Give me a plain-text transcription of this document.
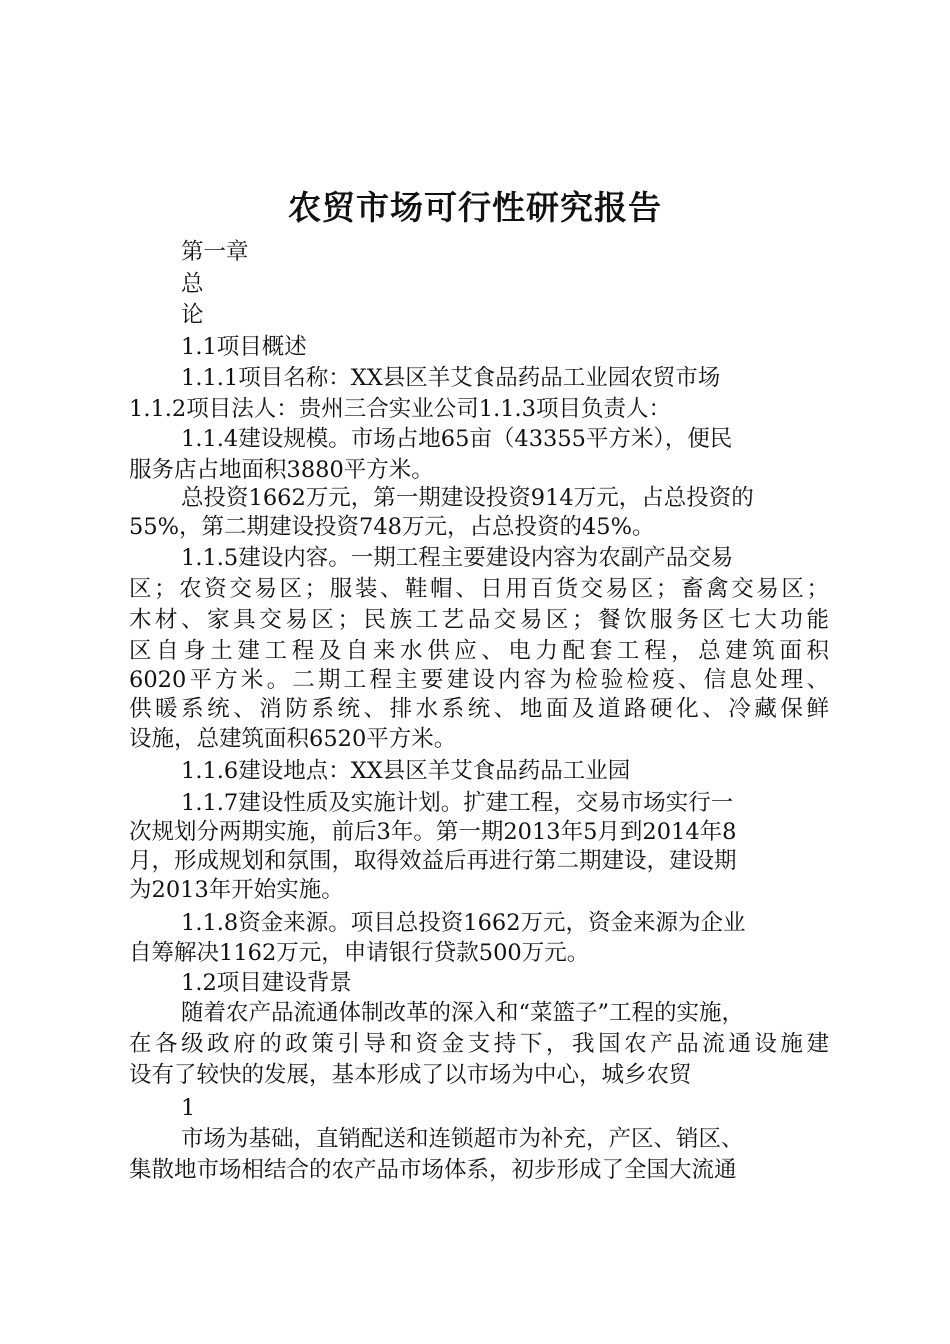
农贸市场可行性研究报告
第一章
总
论
1.1项目概述
1.1.1项目名称：XX县区羊艾食品药品工业园农贸市场
1.1.2项目法人：贵州三合实业公司1.1.3项目负责人：
1.1.4建设规模。市场占地65亩（43355平方米），便民
服务店占地面积3880平方米。
总投资1662万元，第一期建设投资914万元，占总投资的
55%，第二期建设投资748万元，占总投资的45%。
1.1.5建设内容。一期工程主要建设内容为农副产品交易
区；农资交易区；服装、鞋帽、日用百货交易区；畜禽交易区；
木材、家具交易区；民族工艺品交易区；餐饮服务区七大功能
区自身土建工程及自来水供应、电力配套工程，总建筑面积
6020平方米。二期工程主要建设内容为检验检疫、信息处理、
供暖系统、消防系统、排水系统、地面及道路硬化、冷藏保鲜
设施，总建筑面积6520平方米。
1.1.6建设地点：XX县区羊艾食品药品工业园
1.1.7建设性质及实施计划。扩建工程，交易市场实行一
次规划分两期实施，前后3年。第一期2013年5月到2014年8
月，形成规划和氛围，取得效益后再进行第二期建设，建设期
为2013年开始实施。
1.1.8资金来源。项目总投资1662万元，资金来源为企业
自筹解决1162万元，申请银行贷款500万元。
1.2项目建设背景
随着农产品流通体制改革的深入和“菜篮子”工程的实施，
在各级政府的政策引导和资金支持下，我国农产品流通设施建
设有了较快的发展，基本形成了以市场为中心，城乡农贸
1
市场为基础，直销配送和连锁超市为补充，产区、销区、
集散地市场相结合的农产品市场体系，初步形成了全国大流通
